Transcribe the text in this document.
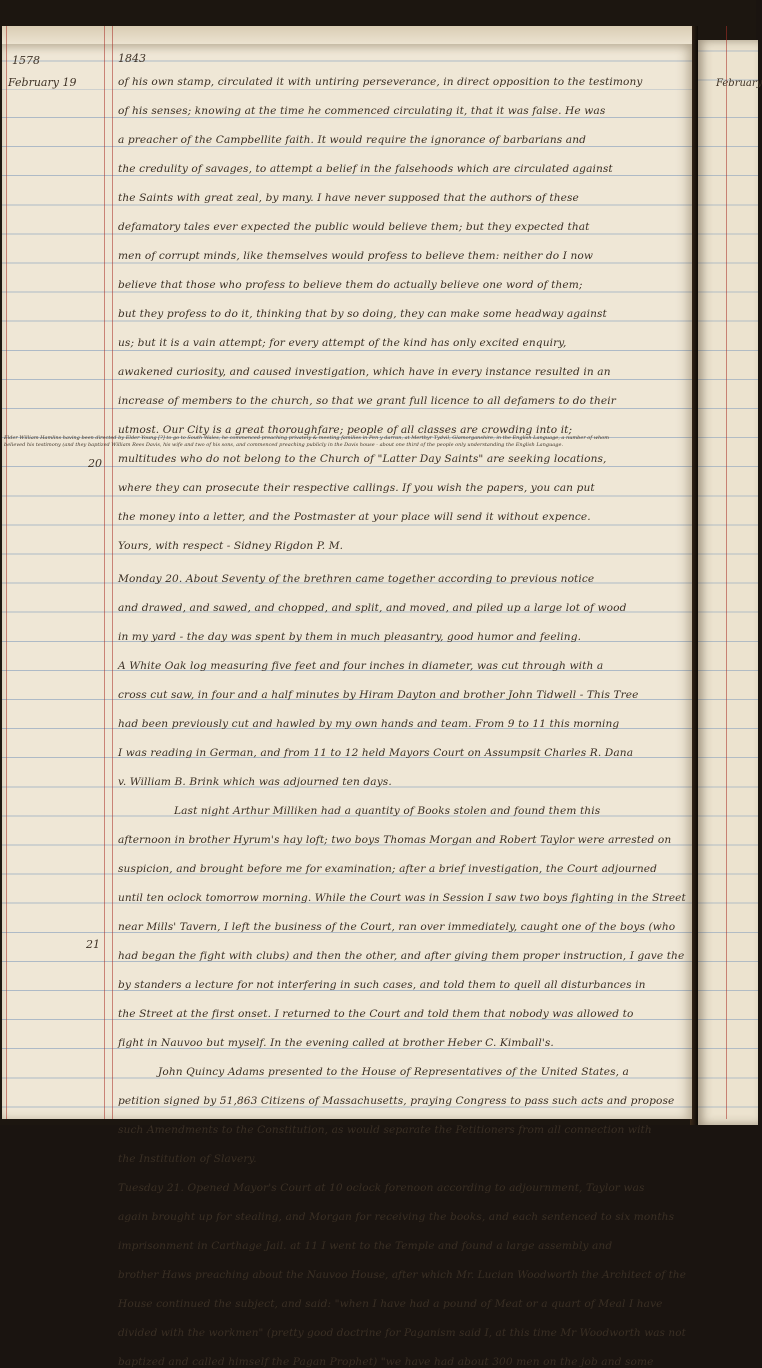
1578	1843
February
February 19
20
21
Elder William Hamlins having been directed by Elder Young [?] to go to South Wales, he commenced preaching privately & meeting families in Pen y darran, at Merthyr Tydvil, Glamorganshire, in the English Language, a number of whom
believed his testimony (and they baptized William Rees Davis, his wife and two of his sons, and commenced preaching publicly in the Davis house - about one third of the people only understanding the English Language.
of his own stamp, circulated it with untiring perseverance, in direct opposition to the testimony
of his senses; knowing at the time he commenced circulating it, that it was false. He was
a preacher of the Campbellite faith. It would require the ignorance of barbarians and
the credulity of savages, to attempt a belief in the falsehoods which are circulated against
the Saints with great zeal, by many. I have never supposed that the authors of these
defamatory tales ever expected the public would believe them; but they expected that
men of corrupt minds, like themselves would profess to believe them: neither do I now
believe that those who profess to believe them do actually believe one word of them;
but they profess to do it, thinking that by so doing, they can make some headway against
us; but it is a vain attempt; for every attempt of the kind has only excited enquiry,
awakened curiosity, and caused investigation, which have in every instance resulted in an
increase of members to the church, so that we grant full licence to all defamers to do their
utmost. Our City is a great thoroughfare; people of all classes are crowding into it;
multitudes who do not belong to the Church of "Latter Day Saints" are seeking locations,
where they can prosecute their respective callings. If you wish the papers, you can put
the money into a letter, and the Postmaster at your place will send it without expence.
Yours, with respect - Sidney Rigdon P. M.
Monday 20. About Seventy of the brethren came together according to previous notice
and drawed, and sawed, and chopped, and split, and moved, and piled up a large lot of wood
in my yard - the day was spent by them in much pleasantry, good humor and feeling.
A White Oak log measuring five feet and four inches in diameter, was cut through with a
cross cut saw, in four and a half minutes by Hiram Dayton and brother John Tidwell - This Tree
had been previously cut and hawled by my own hands and team. From 9 to 11 this morning
I was reading in German, and from 11 to 12 held Mayors Court on Assumpsit Charles R. Dana
v. William B. Brink which was adjourned ten days.
Last night Arthur Milliken had a quantity of Books stolen and found them this
afternoon in brother Hyrum's hay loft; two boys Thomas Morgan and Robert Taylor were arrested on
suspicion, and brought before me for examination; after a brief investigation, the Court adjourned
until ten oclock tomorrow morning. While the Court was in Session I saw two boys fighting in the Street
near Mills' Tavern, I left the business of the Court, ran over immediately, caught one of the boys (who
had began the fight with clubs) and then the other, and after giving them proper instruction, I gave the
by standers a lecture for not interfering in such cases, and told them to quell all disturbances in
the Street at the first onset. I returned to the Court and told them that nobody was allowed to
fight in Nauvoo but myself. In the evening called at brother Heber C. Kimball's.
John Quincy Adams presented to the House of Representatives of the United States, a
petition signed by 51,863 Citizens of Massachusetts, praying Congress to pass such acts and propose
such Amendments to the Constitution, as would separate the Petitioners from all connection with
the Institution of Slavery.
Tuesday 21. Opened Mayor's Court at 10 oclock forenoon according to adjournment, Taylor was
again brought up for stealing, and Morgan for receiving the books, and each sentenced to six months
imprisonment in Carthage Jail. at 11 I went to the Temple and found a large assembly and
brother Haws preaching about the Nauvoo House, after which Mr. Lucian Woodworth the Architect of the
House continued the subject, and said: "when I have had a pound of Meat or a quart of Meal I have
divided with the workmen" (pretty good doctrine for Paganism said I, at this time Mr Woodworth was not
baptized and called himself the Pagan Prophet) "we have had about 300 men on the job and some
